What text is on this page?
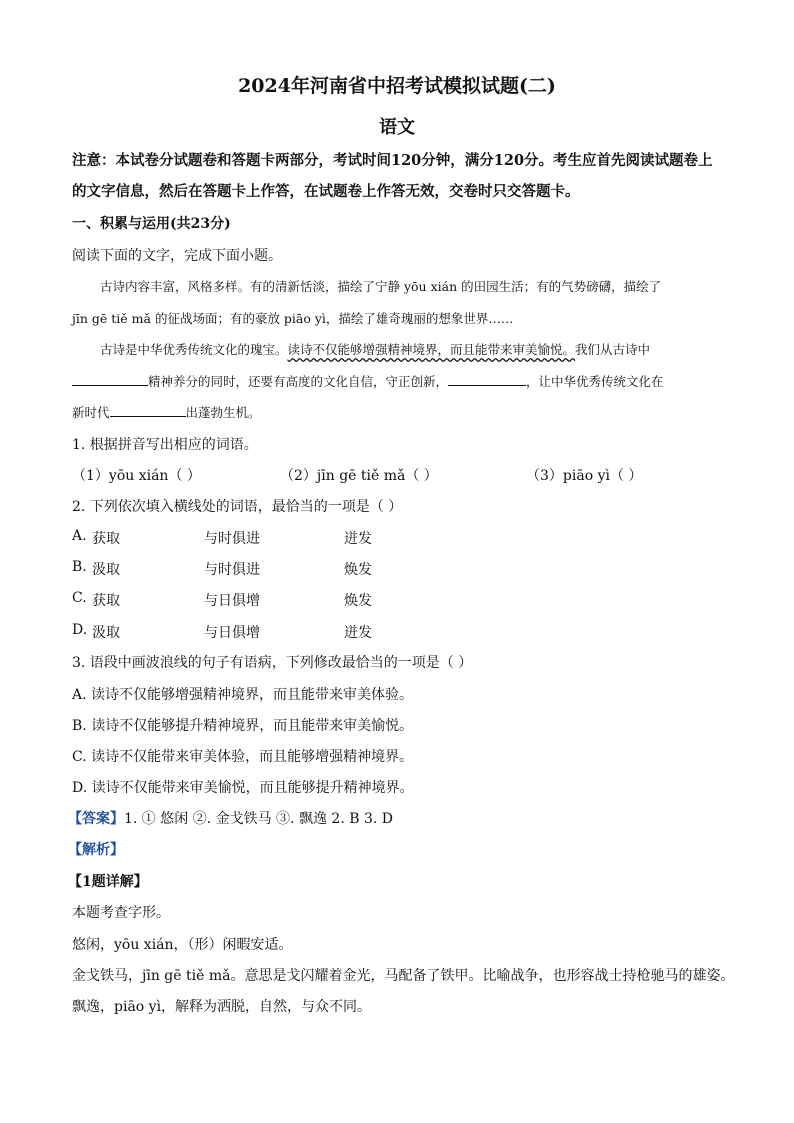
2024年河南省中招考试模拟试题(二)
语文
注意：本试卷分试题卷和答题卡两部分，考试时间120分钟，满分120分。考生应首先阅读试题卷上的文字信息，然后在答题卡上作答，在试题卷上作答无效，交卷时只交答题卡。
一、积累与运用(共23分)
阅读下面的文字，完成下面小题。
古诗内容丰富，风格多样。有的清新恬淡，描绘了宁静 yōu xián 的田园生活；有的气势磅礴，描绘了
jīn gē tiě mǎ 的征战场面；有的豪放 piāo yì，描绘了雄奇瑰丽的想象世界……
古诗是中华优秀传统文化的瑰宝。读诗不仅能够增强精神境界，而且能带来审美愉悦。我们从古诗中
精神养分的同时，还要有高度的文化自信，守正创新，	，让中华优秀传统文化在
新时代	出蓬勃生机。
1. 根据拼音写出相应的词语。
（1）yōu xián（ ）	（2）jīn gē tiě mǎ（ ）	（3）piāo yì（ ）
2. 下列依次填入横线处的词语，最恰当的一项是（ ）
A. 获取	与时俱进	迸发
B. 汲取	与时俱进	焕发
C. 获取	与日俱增	焕发
D. 汲取	与日俱增	迸发
3. 语段中画波浪线的句子有语病，下列修改最恰当的一项是（ ）
A. 读诗不仅能够增强精神境界，而且能带来审美体验。
B. 读诗不仅能够提升精神境界，而且能带来审美愉悦。
C. 读诗不仅能带来审美体验，而且能够增强精神境界。
D. 读诗不仅能带来审美愉悦，而且能够提升精神境界。
【答案】1. ① 悠闲 ②. 金戈铁马 ③. 飘逸 2. B 3. D
【解析】
【1题详解】
本题考查字形。
悠闲，yōu xián，（形）闲暇安适。
金戈铁马，jīn gē tiě mǎ。意思是戈闪耀着金光，马配备了铁甲。比喻战争，也形容战士持枪驰马的雄姿。
飘逸，piāo yì，解释为洒脱，自然，与众不同。
